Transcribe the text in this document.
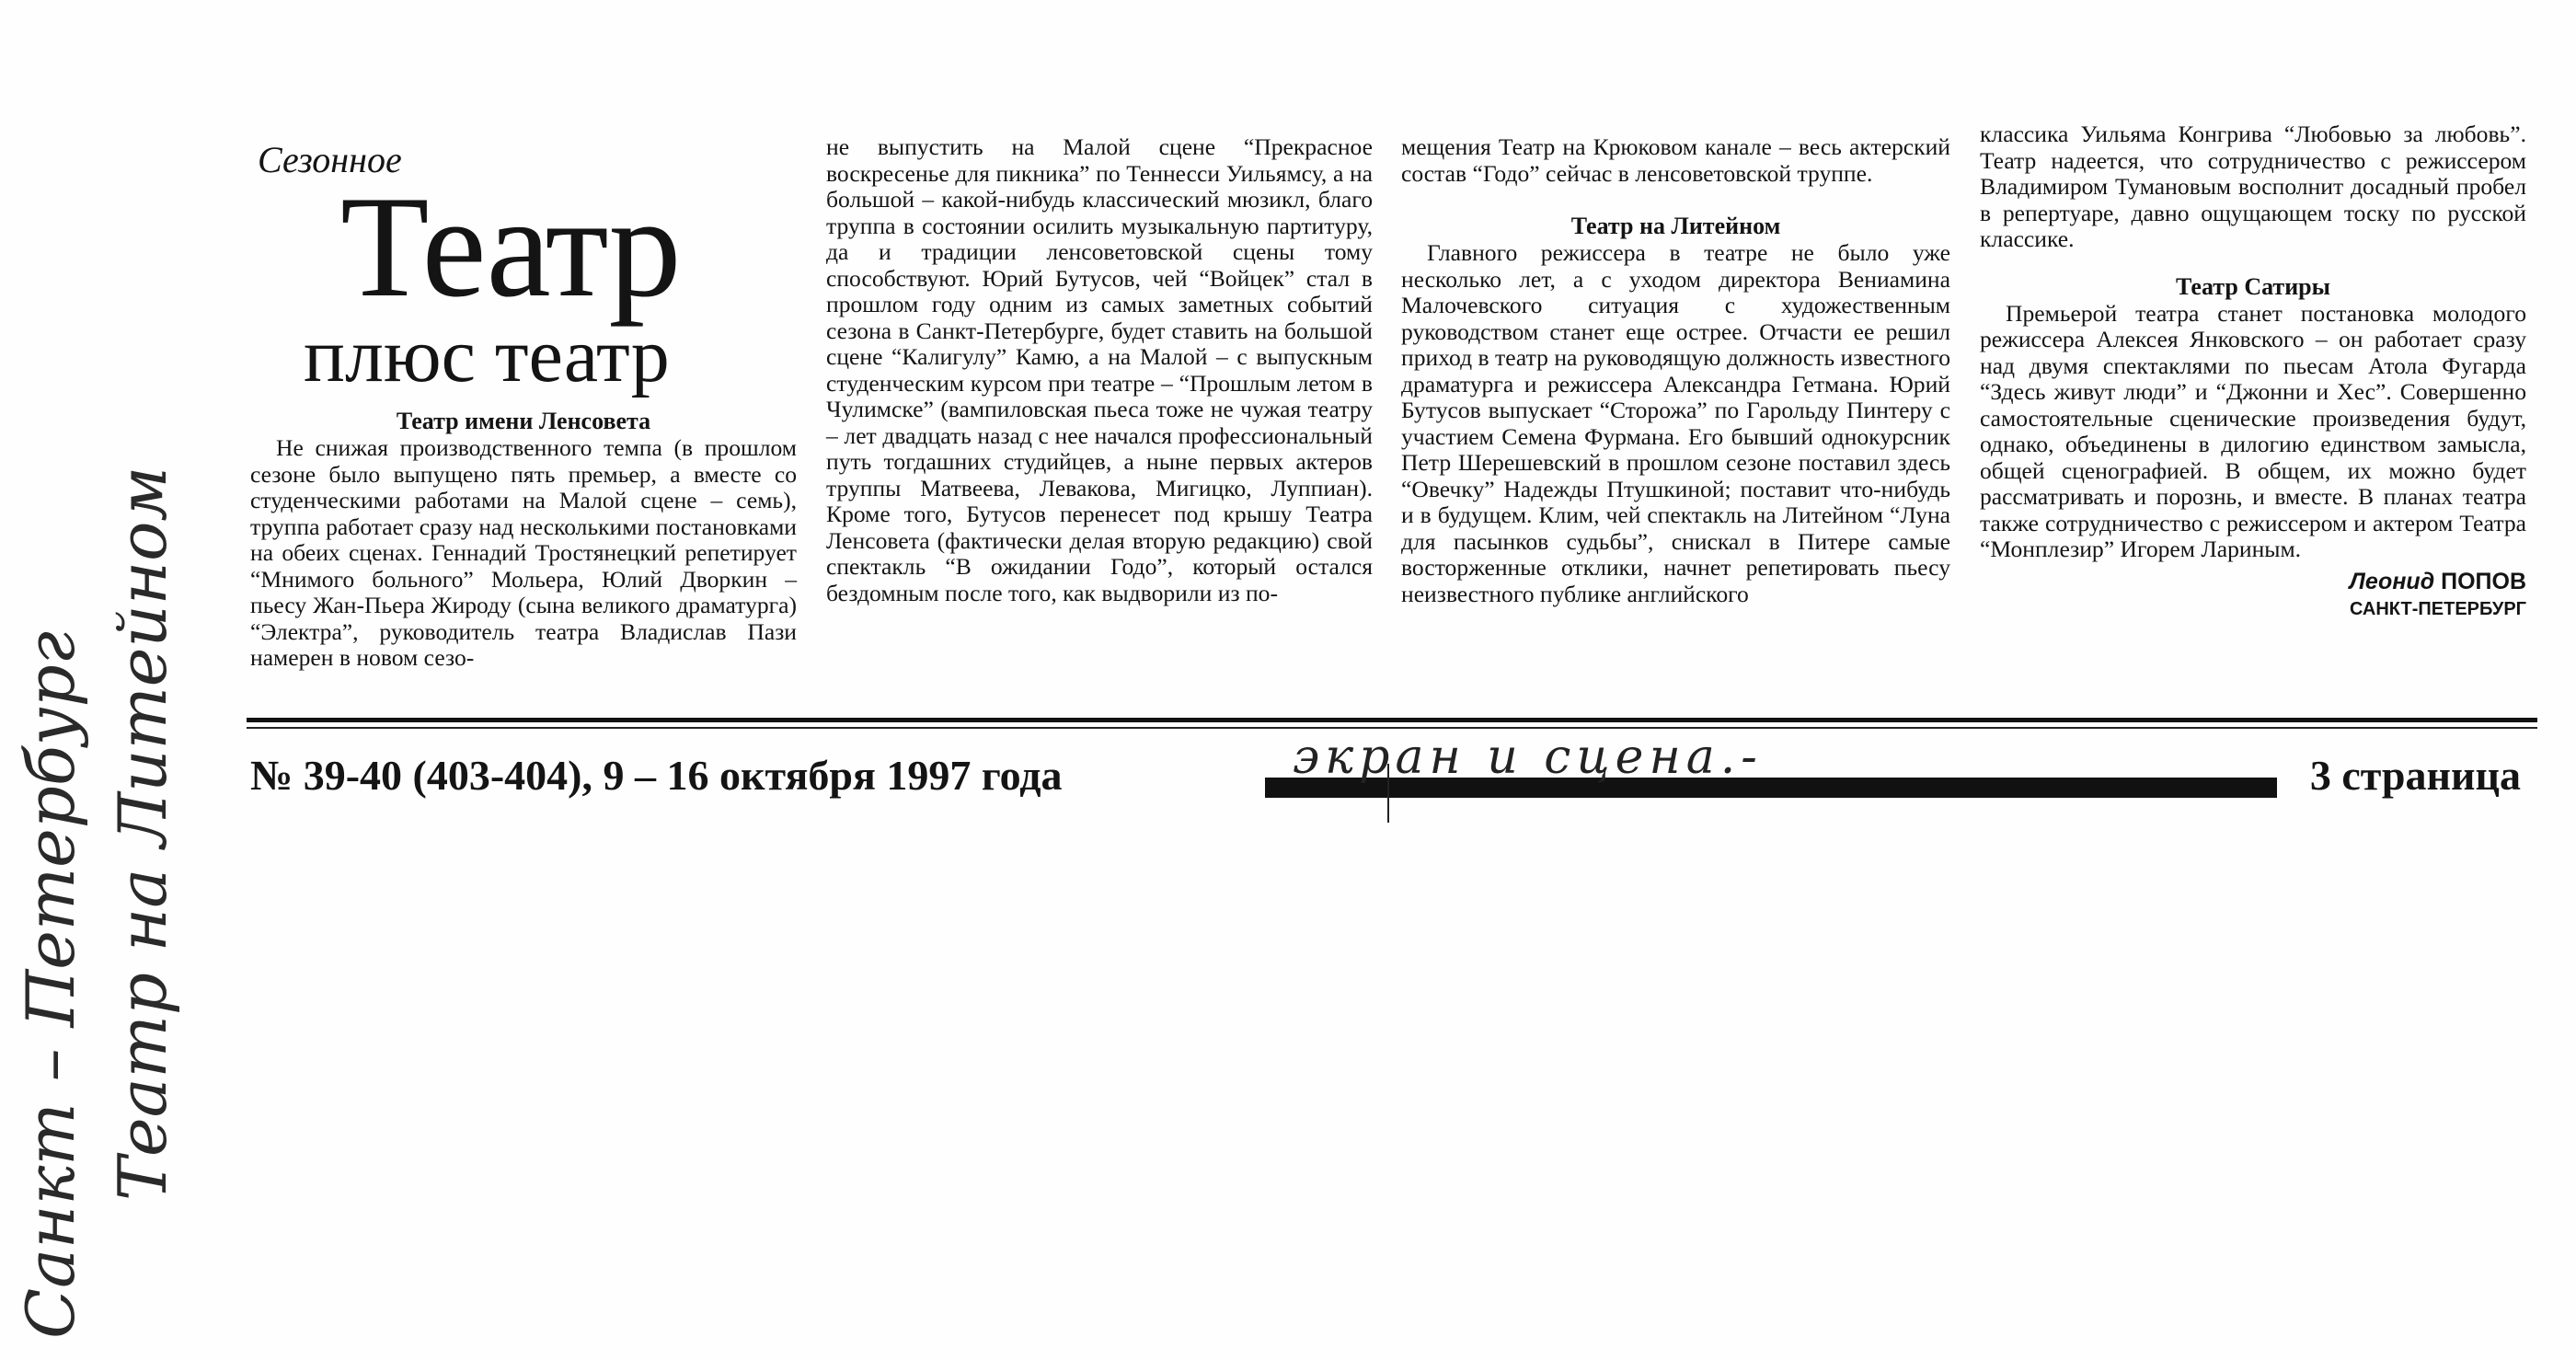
Сезонное
Театр
плюс театр
Театр имени Ленсовета

Не снижая производственного темпа (в прошлом сезоне было выпущено пять премьер, а вместе со студенческими работами на Малой сцене – семь), труппа работает сразу над несколькими постановками на обеих сценах. Геннадий Тростянецкий репетирует “Мнимого больного” Мольера, Юлий Дворкин – пьесу Жан-Пьера Жироду (сына великого драматурга) “Электра”, руководитель театра Владислав Пази намерен в новом сезо-

не выпустить на Малой сцене “Прекрасное воскресенье для пикника” по Теннесси Уильямсу, а на большой – какой-нибудь классический мюзикл, благо труппа в состоянии осилить музыкальную партитуру, да и традиции ленсоветовской сцены тому способствуют. Юрий Бутусов, чей “Войцек” стал в прошлом году одним из самых заметных событий сезона в Санкт-Петербурге, будет ставить на большой сцене “Калигулу” Камю, а на Малой – с выпускным студенческим курсом при театре – “Прошлым летом в Чулимске” (вампиловская пьеса тоже не чужая театру – лет двадцать назад с нее начался профессиональный путь тогдашних студийцев, а ныне первых актеров труппы Матвеева, Леваковa, Мигицко, Луппиан). Кроме того, Бутусов перенесет под крышу Театра Ленсовета (фактически делая вторую редакцию) свой спектакль “В ожидании Годо”, который остался бездомным после того, как выдворили из по-

мещения Театр на Крюковом канале – весь актерский состав “Годо” сейчас в ленсоветовской труппе.

Театр на Литейном

Главного режиссера в театре не было уже несколько лет, а с уходом директора Вениамина Малочевского ситуация с художественным руководством станет еще острее. Отчасти ее решил приход в театр на руководящую должность известного драматурга и режиссера Александра Гетмана. Юрий Бутусов выпускает “Сторожа” по Гарольду Пинтеру с участием Семена Фурмана. Его бывший однокурсник Петр Шерешевский в прошлом сезоне поставил здесь “Овечку” Надежды Птушкиной; поставит что-нибудь и в будущем. Клим, чей спектакль на Литейном “Луна для пасынков судьбы”, снискал в Питере самые восторженные отклики, начнет репетировать пьесу неизвестного публике английского

классика Уильяма Конгрива “Любовью за любовь”. Театр надеется, что сотрудничество с режиссером Владимиром Тумановым восполнит досадный пробел в репертуаре, давно ощущающем тоску по русской классике.

Театр Сатиры

Премьерой театра станет постановка молодого режиссера Алексея Янковского – он работает сразу над двумя спектаклями по пьесам Атола Фугарда “Здесь живут люди” и “Джонни и Хес”. Совершенно самостоятельные сценические произведения будут, однако, объединены в дилогию единством замысла, общей сценографией. В общем, их можно будет рассматривать и порознь, и вместе. В планах театра также сотрудничество с режиссером и актером Театра “Монплезир” Игорем Лариным.

Леонид ПОПОВ
САНКТ-ПЕТЕРБУРГ
№ 39-40 (403-404), 9 – 16 октября 1997 года	экран и сцена.-	3 страница
Санкт – Петербург Театр на Литейном
